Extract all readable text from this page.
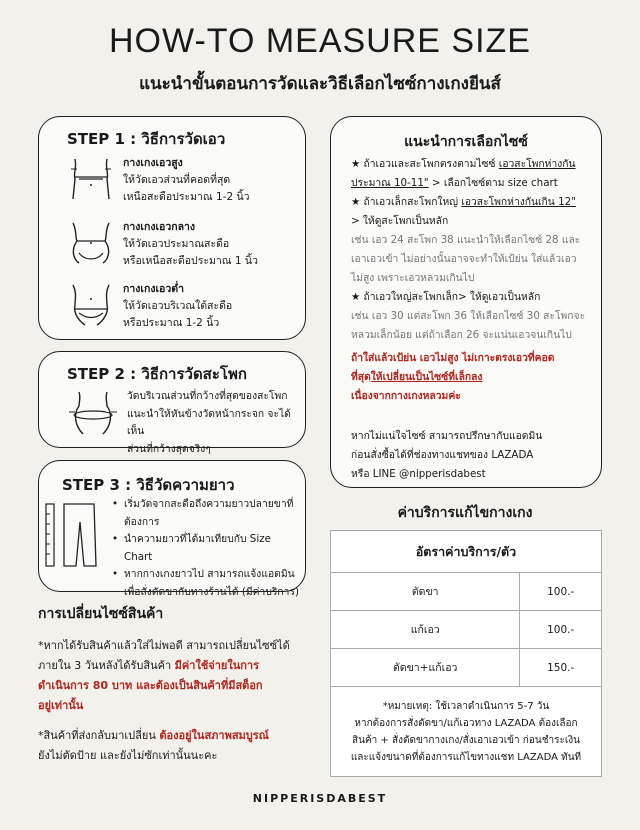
HOW-TO MEASURE SIZE
แนะนำขั้นตอนการวัดและวิธีเลือกไซซ์กางเกงยีนส์
STEP 1 : วิธีการวัดเอว
กางเกงเอวสูง
ให้วัดเอวส่วนที่คอดที่สุด
เหนือสะดือประมาณ 1-2 นิ้ว
กางเกงเอวกลาง
ให้วัดเอวประมาณสะดือ
หรือเหนือสะดือประมาณ 1 นิ้ว
กางเกงเอวต่ำ
ให้วัดเอวบริเวณใต้สะดือ
หรือประมาณ 1-2 นิ้ว
STEP 2 : วิธีการวัดสะโพก
วัดบริเวณส่วนที่กว้างที่สุดของสะโพก
แนะนำให้หันข้างวัดหน้ากระจก จะได้เห็น
ส่วนที่กว้างสุดจริงๆ
STEP 3 : วิธีวัดความยาว
• เริ่มวัดจากสะดือถึงความยาวปลายขาที่ต้องการ
• นำความยาวที่ได้มาเทียบกับ Size Chart
• หากกางเกงยาวไป สามารถแจ้งแอดมินเพื่อสั่งตัดขากับทางร้านได้ (มีค่าบริการ)
แนะนำการเลือกไซซ์
★ ถ้าเอวและสะโพกตรงตามไซซ์ เอวสะโพกห่างกัน
ประมาณ 10-11" > เลือกไซซ์ตาม size chart
★ ถ้าเอวเล็กสะโพกใหญ่ เอวสะโพกห่างกันเกิน 12"
> ให้ดูสะโพกเป็นหลัก
เช่น เอว 24 สะโพก 38 แนะนำให้เลือกไซซ์ 28 และ
เอาเอวเข้า ไม่อย่างนั้นอาจจะทำให้เป้ย่น ใส่แล้วเอว
ไม่สูง เพราะเอวหลวมเกินไป
★ ถ้าเอวใหญ่สะโพกเล็ก> ให้ดูเอวเป็นหลัก
เช่น เอว 30 แต่สะโพก 36 ให้เลือกไซซ์ 30 สะโพกจะ
หลวมเล็กน้อย แต่ถ้าเลือก 26 จะแน่นเอวจนเกินไป
ถ้าใส่แล้วเป้ย่น เอวไม่สูง ไม่เกาะตรงเอวที่คอด
ที่สุดให้เปลี่ยนเป็นไซซ์ที่เล็กลง
เนื่องจากกางเกงหลวมค่ะ
หากไม่แน่ใจไซซ์ สามารถปรึกษากับแอดมิน
ก่อนสั่งซื้อได้ที่ช่องทางแชทของ LAZADA
หรือ LINE @nipperisdabest
ค่าบริการแก้ไขกางเกง
อัตราค่าบริการ/ตัว	
ตัดขา	100.-
แก้เอว	100.-
ตัดขา+แก้เอว	150.-

*หมายเหตุ: ใช้เวลาดำเนินการ 5-7 วัน
หากต้องการสั่งตัดขา/แก้เอวทาง LAZADA ต้องเลือก
สินค้า + สั่งตัดขากางเกง/สั่งเอาเอวเข้า ก่อนชำระเงิน
และแจ้งขนาดที่ต้องการแก้ไขทางแชท LAZADA ทันที	
การเปลี่ยนไซซ์สินค้า
*หากได้รับสินค้าแล้วใส่ไม่พอดี สามารถเปลี่ยนไซซ์ได้
ภายใน 3 วันหลังได้รับสินค้า มีค่าใช้จ่ายในการ
ดำเนินการ 80 บาท และต้องเป็นสินค้าที่มีสต็อก
อยู่เท่านั้น
*สินค้าที่ส่งกลับมาเปลี่ยน ต้องอยู่ในสภาพสมบูรณ์
ยังไม่ตัดป้าย และยังไม่ซักเท่านั้นนะคะ
NIPPERISDABEST
